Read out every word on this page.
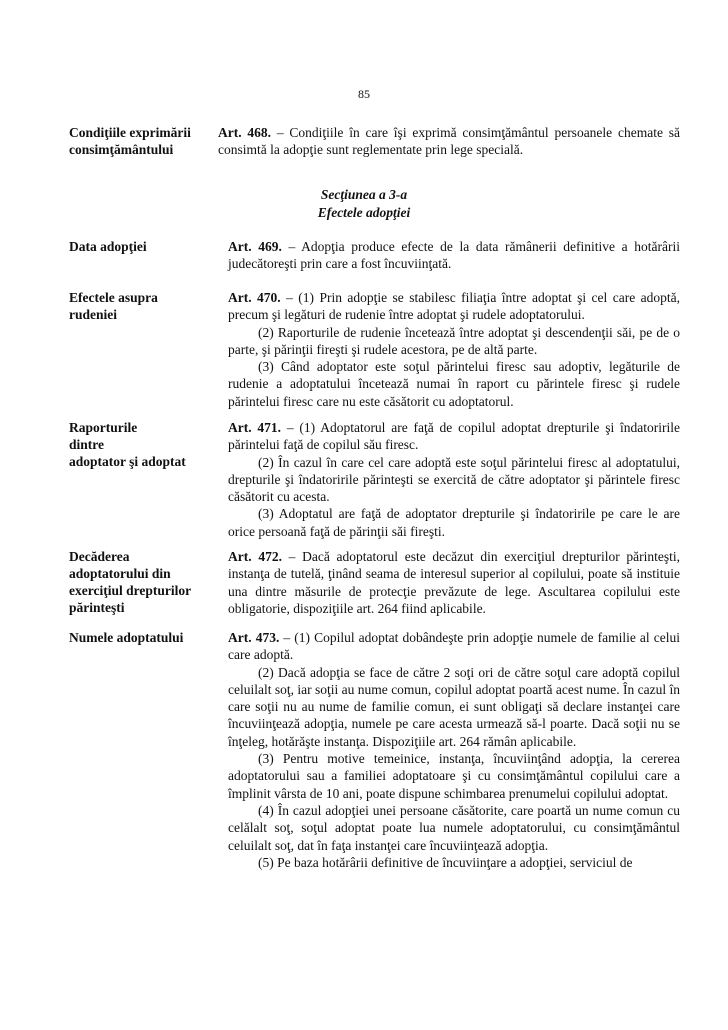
85
Condiţiile exprimării
consimţământului

Art. 468. – Condiţiile în care îşi exprimă consimţământul persoanele chemate să consimtă la adopţie sunt reglementate prin lege specială.

Secţiunea a 3-a
Efectele adopţiei
Data adopţiei	Art. 469. – Adopţia produce efecte de la data rămânerii definitive a hotărârii judecătoreşti prin care a fost încuviinţată.

Efectele asupra
rudeniei

Art. 470. – (1) Prin adopţie se stabilesc filiaţia între adoptat şi cel care adoptă, precum şi legături de rudenie între adoptat şi rudele adoptatorului.

(2) Raporturile de rudenie încetează între adoptat şi descendenţii săi, pe de o parte, şi părinţii fireşti şi rudele acestora, pe de altă parte.

(3) Când adoptator este soţul părintelui firesc sau adoptiv, legăturile de rudenie a adoptatului încetează numai în raport cu părintele firesc şi rudele părintelui firesc care nu este căsătorit cu adoptatorul.

Raporturile
dintre
adoptator şi adoptat

Art. 471. – (1) Adoptatorul are faţă de copilul adoptat drepturile şi îndatoririle părintelui faţă de copilul său firesc.

(2) În cazul în care cel care adoptă este soţul părintelui firesc al adoptatului, drepturile şi îndatoririle părinteşti se exercită de către adoptator şi părintele firesc căsătorit cu acesta.

(3) Adoptatul are faţă de adoptator drepturile şi îndatoririle pe care le are orice persoană faţă de părinţii săi fireşti.

Decăderea
adoptatorului din
exerciţiul drepturilor
părinteşti

Art. 472. – Dacă adoptatorul este decăzut din exerciţiul drepturilor părinteşti, instanţa de tutelă, ţinând seama de interesul superior al copilului, poate să instituie una dintre măsurile de protecţie prevăzute de lege. Ascultarea copilului este obligatorie, dispoziţiile art. 264 fiind aplicabile.

Numele adoptatului	Art. 473. – (1) Copilul adoptat dobândeşte prin adopţie numele de familie al celui care adoptă.

(2) Dacă adopţia se face de către 2 soţi ori de către soţul care adoptă copilul celuilalt soţ, iar soţii au nume comun, copilul adoptat poartă acest nume. În cazul în care soţii nu au nume de familie comun, ei sunt obligaţi să declare instanţei care încuviinţează adopţia, numele pe care acesta urmează să-l poarte. Dacă soţii nu se înţeleg, hotărăşte instanţa. Dispoziţiile art. 264 rămân aplicabile.

(3) Pentru motive temeinice, instanţa, încuviinţând adopţia, la cererea adoptatorului sau a familiei adoptatoare şi cu consimţământul copilului care a împlinit vârsta de 10 ani, poate dispune schimbarea prenumelui copilului adoptat.

(4) În cazul adopţiei unei persoane căsătorite, care poartă un nume comun cu celălalt soţ, soţul adoptat poate lua numele adoptatorului, cu consimţământul celuilalt soţ, dat în faţa instanţei care încuviinţează adopţia.

(5) Pe baza hotărârii definitive de încuviinţare a adopţiei, serviciul de
